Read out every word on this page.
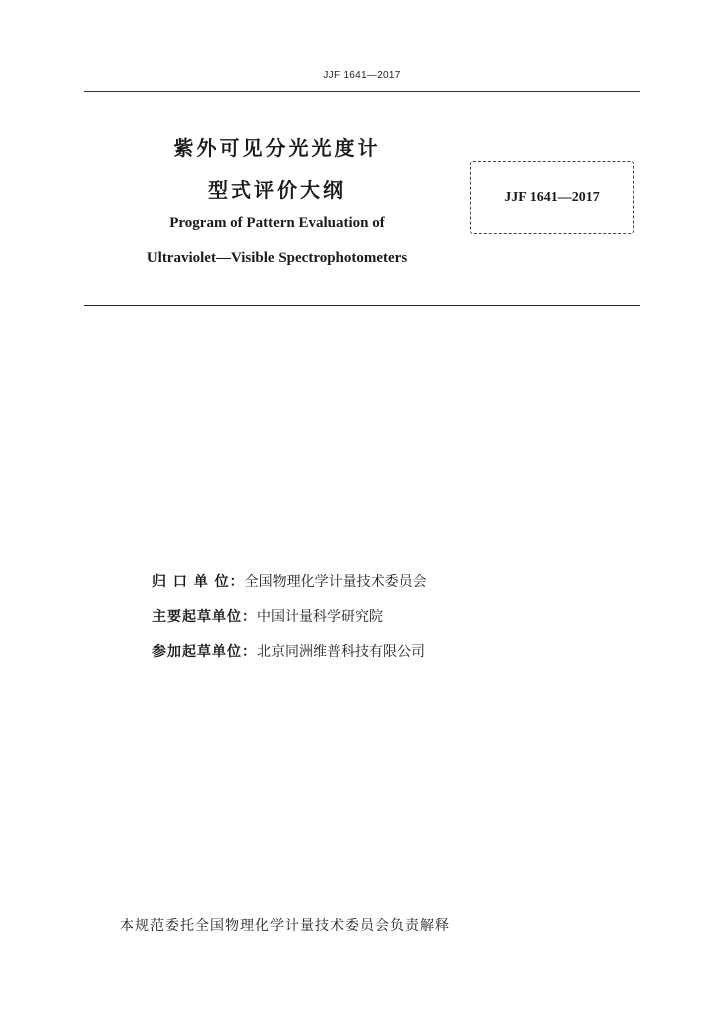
JJF 1641—2017
紫外可见分光光度计
型式评价大纲
Program of Pattern Evaluation of
Ultraviolet—Visible Spectrophotometers
JJF 1641—2017
归 口 单 位：全国物理化学计量技术委员会
主要起草单位：中国计量科学研究院
参加起草单位：北京同洲维普科技有限公司
本规范委托全国物理化学计量技术委员会负责解释
